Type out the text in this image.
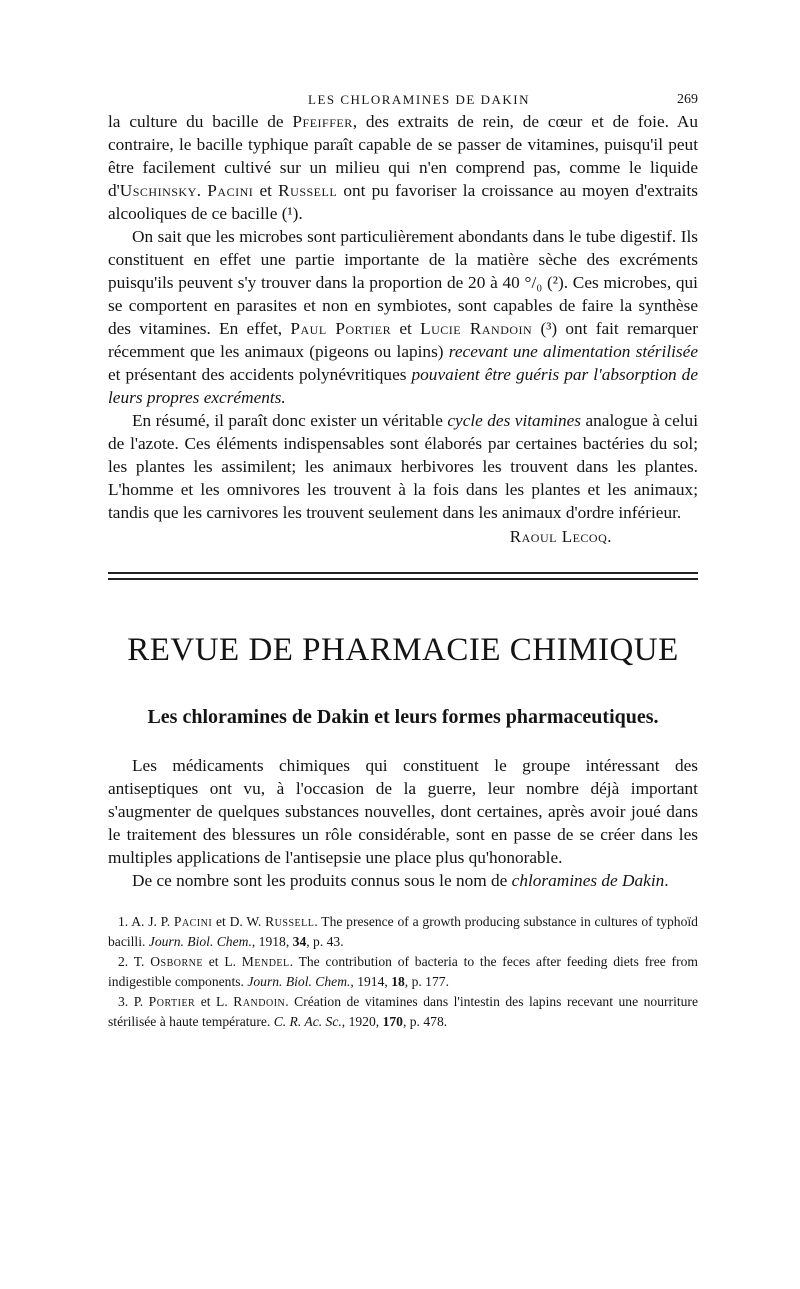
LES CHLORAMINES DE DAKIN	269

la culture du bacille de Pfeiffer, des extraits de rein, de cœur et de foie. Au contraire, le bacille typhique paraît capable de se passer de vitamines, puisqu'il peut être facilement cultivé sur un milieu qui n'en comprend pas, comme le liquide d'Uschinsky. Pacini et Russell ont pu favoriser la croissance au moyen d'extraits alcooliques de ce bacille (¹).

On sait que les microbes sont particulièrement abondants dans le tube digestif. Ils constituent en effet une partie importante de la matière sèche des excréments puisqu'ils peuvent s'y trouver dans la proportion de 20 à 40 °/₀ (²). Ces microbes, qui se comportent en parasites et non en symbiotes, sont capables de faire la synthèse des vitamines. En effet, Paul Portier et Lucie Randoin (³) ont fait remarquer récemment que les animaux (pigeons ou lapins) recevant une alimentation stérilisée et présentant des accidents polynévritiques pouvaient être guéris par l'absorption de leurs propres excréments.

En résumé, il paraît donc exister un véritable cycle des vitamines analogue à celui de l'azote. Ces éléments indispensables sont élaborés par certaines bactéries du sol; les plantes les assimilent; les animaux herbivores les trouvent dans les plantes. L'homme et les omnivores les trouvent à la fois dans les plantes et les animaux; tandis que les carnivores les trouvent seulement dans les animaux d'ordre inférieur.

Raoul Lecoq.
REVUE DE PHARMACIE CHIMIQUE
Les chloramines de Dakin et leurs formes pharmaceutiques.

Les médicaments chimiques qui constituent le groupe intéressant des antiseptiques ont vu, à l'occasion de la guerre, leur nombre déjà important s'augmenter de quelques substances nouvelles, dont certaines, après avoir joué dans le traitement des blessures un rôle considérable, sont en passe de se créer dans les multiples applications de l'antisepsie une place plus qu'honorable.

De ce nombre sont les produits connus sous le nom de chloramines de Dakin.

1. A. J. P. Pacini et D. W. Russell. The presence of a growth producing substance in cultures of typhoïd bacilli. Journ. Biol. Chem., 1918, 34, p. 43.

2. T. Osborne et L. Mendel. The contribution of bacteria to the feces after feeding diets free from indigestible components. Journ. Biol. Chem., 1914, 18, p. 177.

3. P. Portier et L. Randoin. Création de vitamines dans l'intestin des lapins recevant une nourriture stérilisée à haute température. C. R. Ac. Sc., 1920, 170, p. 478.
